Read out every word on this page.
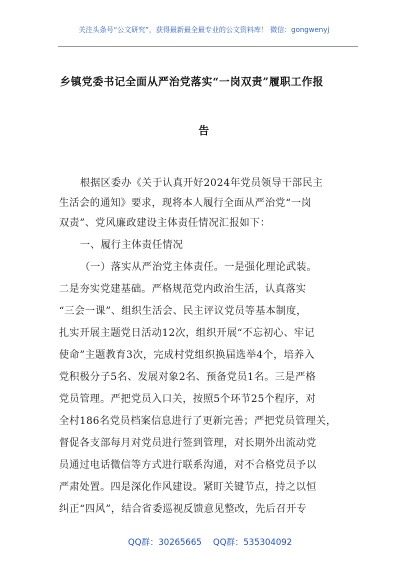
关注头条号“公文研究”，获得最新最全最专业的公文资料库！ 微信：gongwenyj
乡镇党委书记全面从严治党落实“一岗双责”履职工作报
告
根据区委办《关于认真开好2024年党员领导干部民主
生活会的通知》要求，现将本人履行全面从严治党“一岗
双责”、党风廉政建设主体责任情况汇报如下：
一、履行主体责任情况
（一）落实从严治党主体责任。一是强化理论武装。
二是夯实党建基础。严格规范党内政治生活，认真落实
“三会一课”、组织生活会、民主评议党员等基本制度，
扎实开展主题党日活动12次，组织开展“不忘初心、牢记
使命”主题教育3次，完成村党组织换届选举4个，培养入
党积极分子5名、发展对象2名、预备党员1名。三是严格
党员管理。严把党员入口关，按照5个环节25个程序，对
全村186名党员档案信息进行了更新完善；严把党员管理关，
督促各支部每月对党员进行签到管理，对长期外出流动党
员通过电话微信等方式进行联系沟通，对不合格党员予以
严肃处置。四是深化作风建设。紧盯关键节点，持之以恒
纠正“四风”，结合省委巡视反馈意见整改，先后召开专
QQ群：30265665 QQ群：535304092
